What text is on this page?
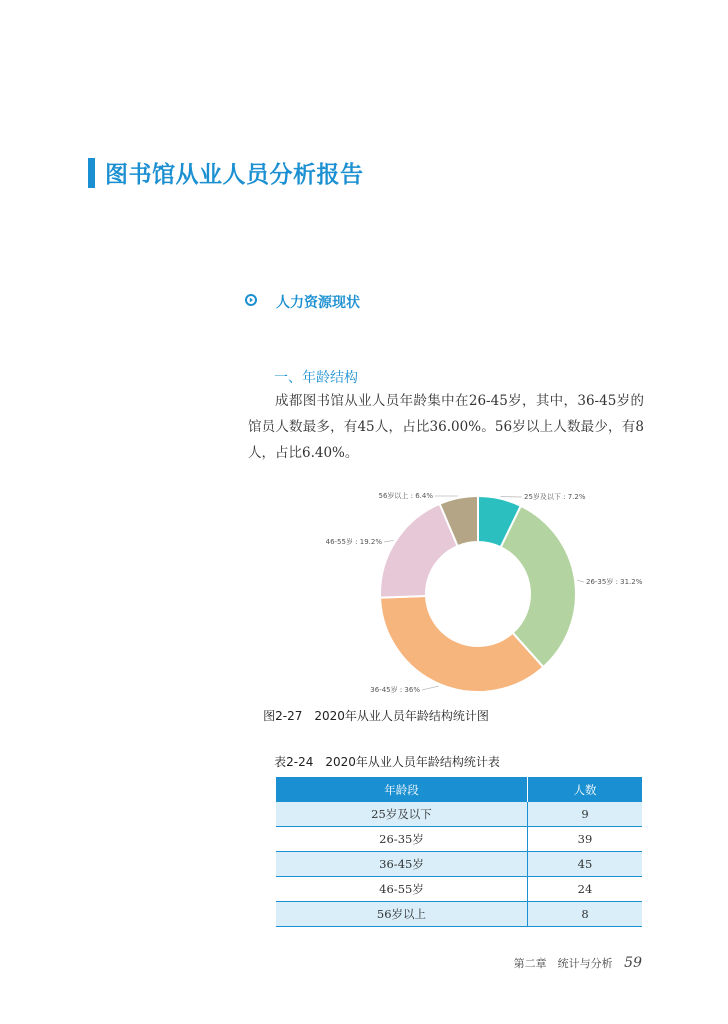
图书馆从业人员分析报告
人力资源现状
一、年龄结构

成都图书馆从业人员年龄集中在26-45岁，其中，36-45岁的馆员人数最多，有45人，占比36.00%。56岁以上人数最少，有8人，占比6.40%。

25岁及以下 : 7.2%
26-35岁 : 31.2%
36-45岁 : 36%
46-55岁 : 19.2%
56岁以上 : 6.4%
图2-27　2020年从业人员年龄结构统计图
表2-24　2020年从业人员年龄结构统计表
年龄段	人数
25岁及以下	9
26-35岁	39
36-45岁	45
46-55岁	24
56岁以上	8
第二章　统计与分析 59
